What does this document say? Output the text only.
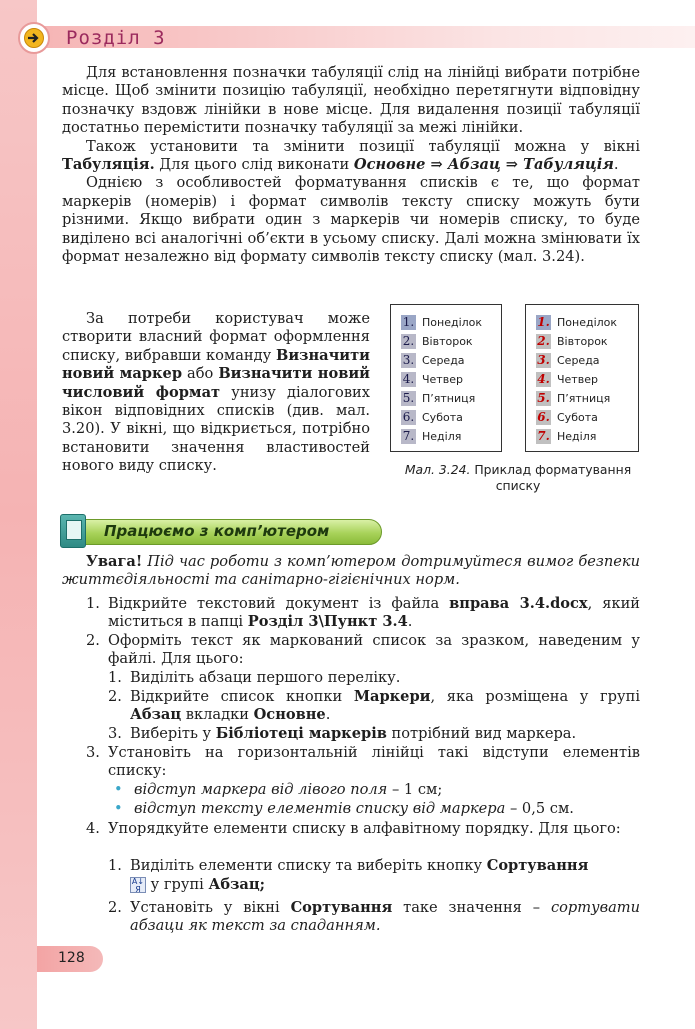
Розділ 3

Для встановлення позначки табуляції слід на лінійці вибрати потрібне місце. Щоб змінити позицію табуляції, необхідно перетягнути відповідну позначку вздовж лінійки в нове місце. Для видалення позиції табуляції достатньо перемістити позначку табуляції за межі лінійки.

Також установити та змінити позиції табуляції можна у вікні Табуляція. Для цього слід виконати Основне ⇒ Абзац ⇒ Табуляція.

Однією з особливостей форматування списків є те, що формат маркерів (номерів) і формат символів тексту списку можуть бути різними. Якщо вибрати один з маркерів чи номерів списку, то буде виділено всі аналогічні об’єкти в усьому списку. Далі можна змінювати їх формат незалежно від формату символів тексту списку (мал. 3.24).

За потреби користувач може створити власний формат оформлення списку, вибравши команду Визначити новий маркер або Визначити новий числовий формат унизу діалогових вікон відповідних списків (див. мал. 3.20). У вікні, що відкриється, потрібно встановити значення властивостей нового виду списку.

1. Понеділок
2. Вівторок
3. Середа
4. Четвер
5. П’ятниця
6. Субота
7. Неділя
1. Понеділок
2. Вівторок
3. Середа
4. Четвер
5. П’ятниця
6. Субота
7. Неділя
Мал. 3.24. Приклад форматування списку
Працюємо з комп’ютером

Увага! Під час роботи з комп’ютером дотримуйтеся вимог безпеки життєдіяльності та санітарно-гігієнічних норм.

1. Відкрийте текстовий документ із файла вправа 3.4.docx, який міститься в папці Розділ 3\Пункт 3.4.
2. Оформіть текст як маркований список за зразком, наведеним у файлі. Для цього:
1. Виділіть абзаци першого переліку.
2. Відкрийте список кнопки Маркери, яка розміщена у групі Абзац вкладки Основне.
3. Виберіть у Бібліотеці маркерів потрібний вид маркера.
3. Установіть на горизонтальній лінійці такі відступи елементів списку:
• відступ маркера від лівого поля – 1 см;
• відступ тексту елементів списку від маркера – 0,5 см.
4. Упорядкуйте елементи списку в алфавітному порядку. Для цього:
1. Виділіть елементи списку та виберіть кнопку Сортування
A↓
Я у групі Абзац;
2. Установіть у вікні Сортування таке значення – сортувати абзаци як текст за спаданням.
128
